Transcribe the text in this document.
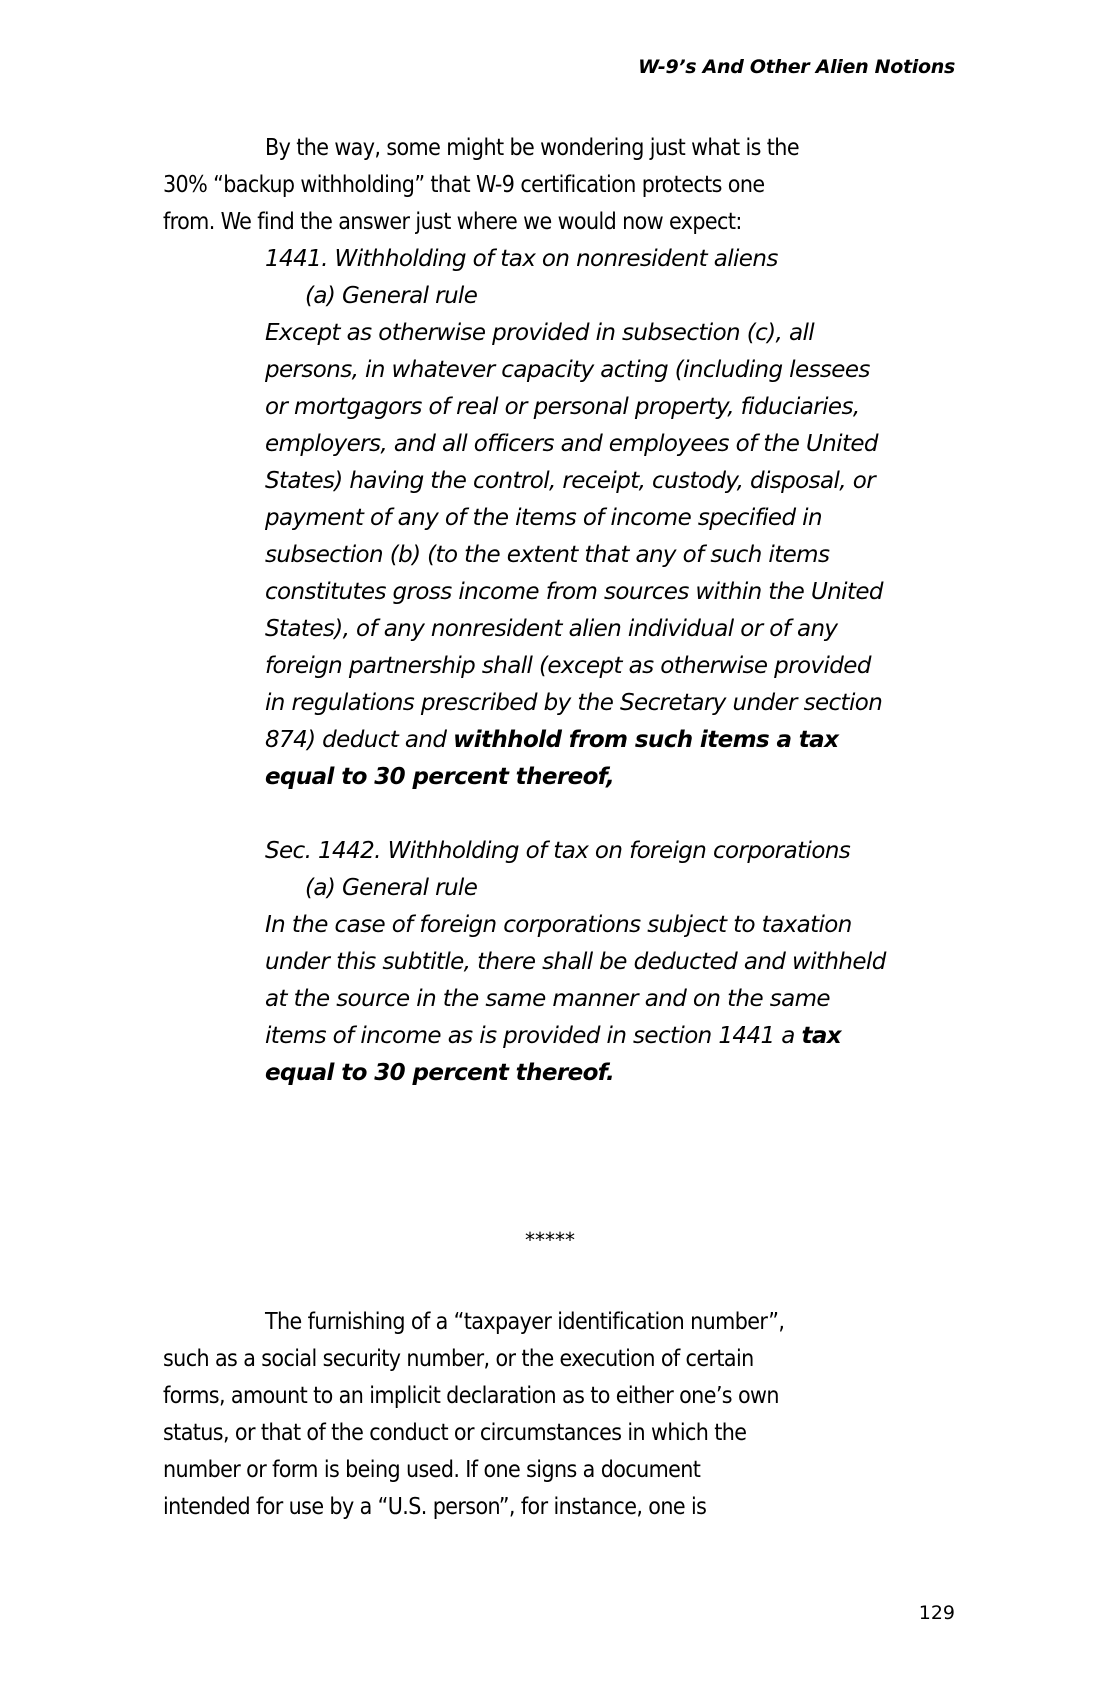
W-9’s And Other Alien Notions
By the way, some might be wondering just what is the
30% “backup withholding” that W-9 certification protects one
from. We find the answer just where we would now expect:
1441. Withholding of tax on nonresident aliens
(a) General rule
Except as otherwise provided in subsection (c), all
persons, in whatever capacity acting (including lessees
or mortgagors of real or personal property, fiduciaries,
employers, and all officers and employees of the United
States) having the control, receipt, custody, disposal, or
payment of any of the items of income specified in
subsection (b) (to the extent that any of such items
constitutes gross income from sources within the United
States), of any nonresident alien individual or of any
foreign partnership shall (except as otherwise provided
in regulations prescribed by the Secretary under section
874) deduct and withhold from such items a tax
equal to 30 percent thereof,
Sec. 1442. Withholding of tax on foreign corporations
(a) General rule
In the case of foreign corporations subject to taxation
under this subtitle, there shall be deducted and withheld
at the source in the same manner and on the same
items of income as is provided in section 1441 a tax
equal to 30 percent thereof.
*****
The furnishing of a “taxpayer identification number”,
such as a social security number, or the execution of certain
forms, amount to an implicit declaration as to either one’s own
status, or that of the conduct or circumstances in which the
number or form is being used. If one signs a document
intended for use by a “U.S. person”, for instance, one is
129
